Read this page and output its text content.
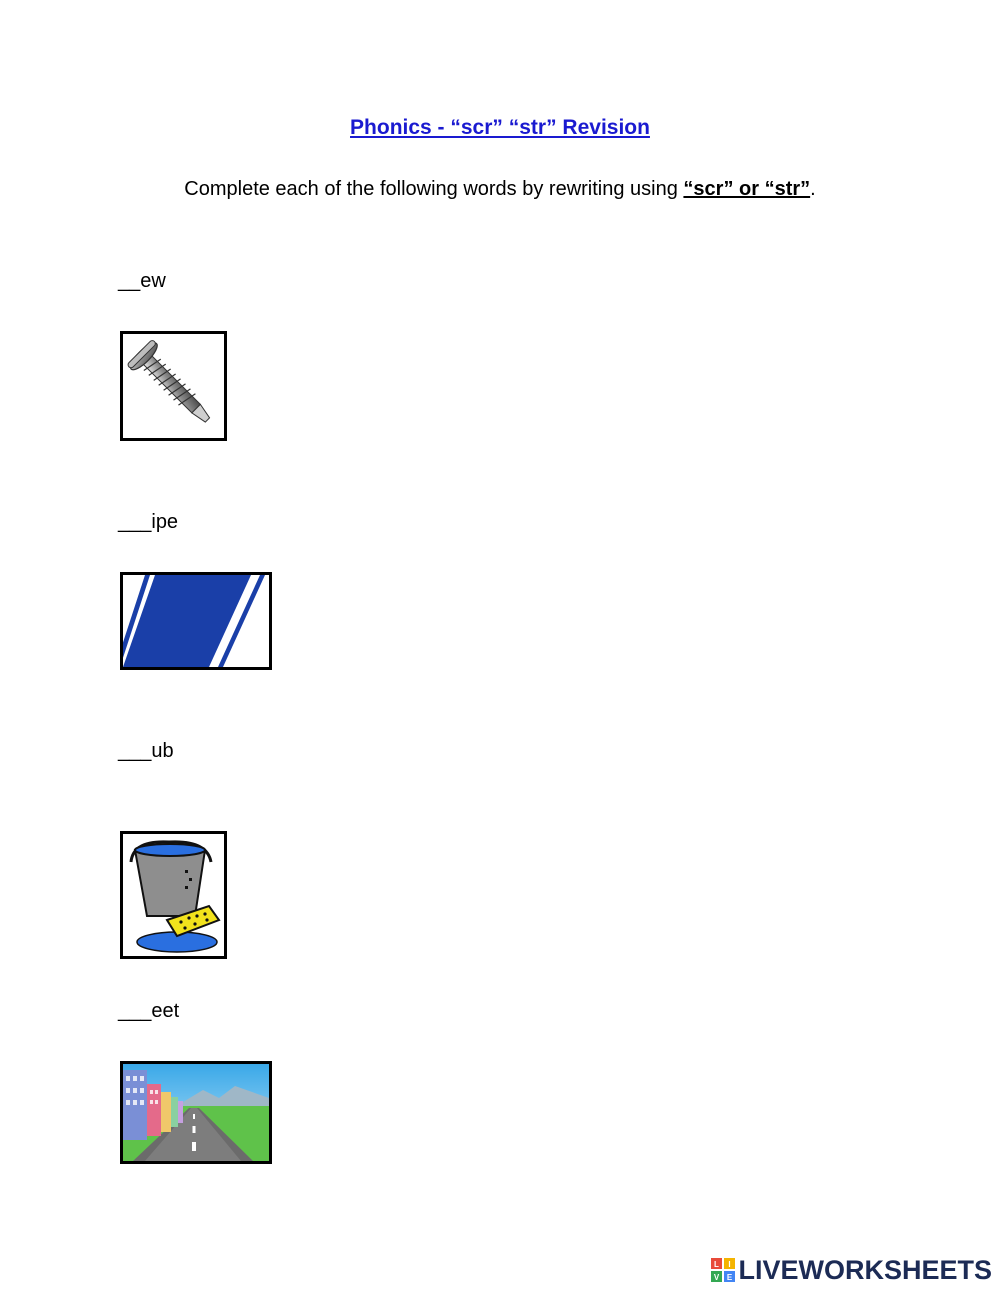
Phonics - “scr” “str” Revision

Complete each of the following words by rewriting using “scr” or “str”.

__ew

___ipe

___ub

___eet

L I
V E LIVEWORKSHEETS
